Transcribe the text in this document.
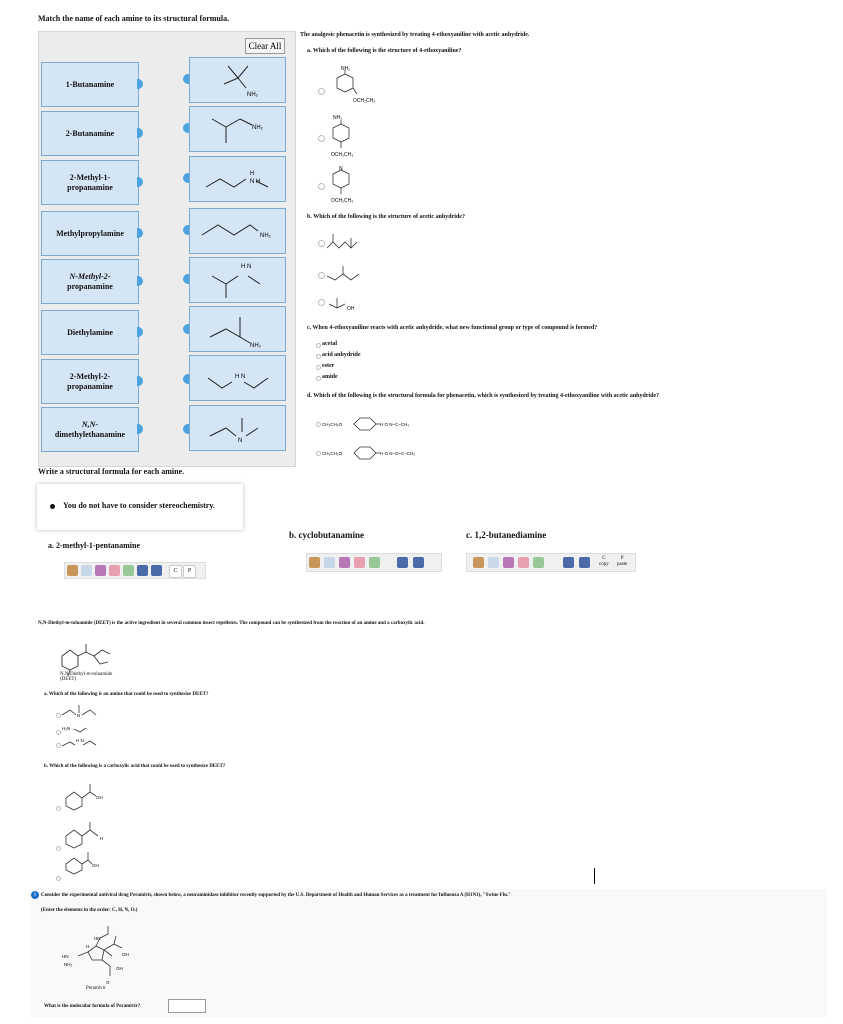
Match the name of each amine to its structural formula.
Clear All
1-Butanamine
2-Butanamine
2-Methyl-1-
propanamine
Methylpropylamine
N-Methyl-2-
propanamine
Diethylamine
2-Methyl-2-
propanamine
N,N-
dimethylethanamine
NH₂
NH₂
H
N H
NH₂
H N
NH₂
H N
N
Write a structural formula for each amine.
You do not have to consider stereochemistry.
a. 2-methyl-1-pentanamine
C	P
b. cyclobutanamine	c. 1,2-butanediamine
C
copy
P
paste
The analgesic phenacetin is synthesized by treating 4-ethoxyaniline with acetic anhydride.
a. Which of the following is the structure of 4-ethoxyaniline?
NH₂
OCH₂CH₃
NH₂
OCH₂CH₃
N
OCH₂CH₃
b. Which of the following is the structure of acetic anhydride?
OH
c. When 4-ethoxyaniline reacts with acetic anhydride, what new functional group or type of compound is formed?
acetal
acid anhydride
ester
amide
d. Which of the following is the structural formula for phenacetin, which is synthesized by treating 4-ethoxyaniline with acetic anhydride?
CH₃CH₂O	H O N–C–CH₃
CH₃CH₂O	H O N–O–C–CH₃
N,N-Diethyl-m-toluamide (DEET) is the active ingredient in several common insect repellents. The compound can be synthesized from the reaction of an amine and a carboxylic acid.
N,N-Diethyl-m-toluamide (DEET)
a. Which of the following is an amine that could be used to synthesize DEET?
N
H₂N
H N
b. Which of the following is a carboxylic acid that could be used to synthesize DEET?
OH
H
OH
i	Consider the experimental antiviral drug Peramivir, shown below, a neuraminidase inhibitor recently supported by the U.S. Department of Health and Human Services as a treatment for Influenza A (H1N1), "Swine Flu."
(Enter the elements in the order: C, H, N, O.)
HN
H
NH₂
OH
OH
O
HN
Peramivir
What is the molecular formula of Peramivir?
